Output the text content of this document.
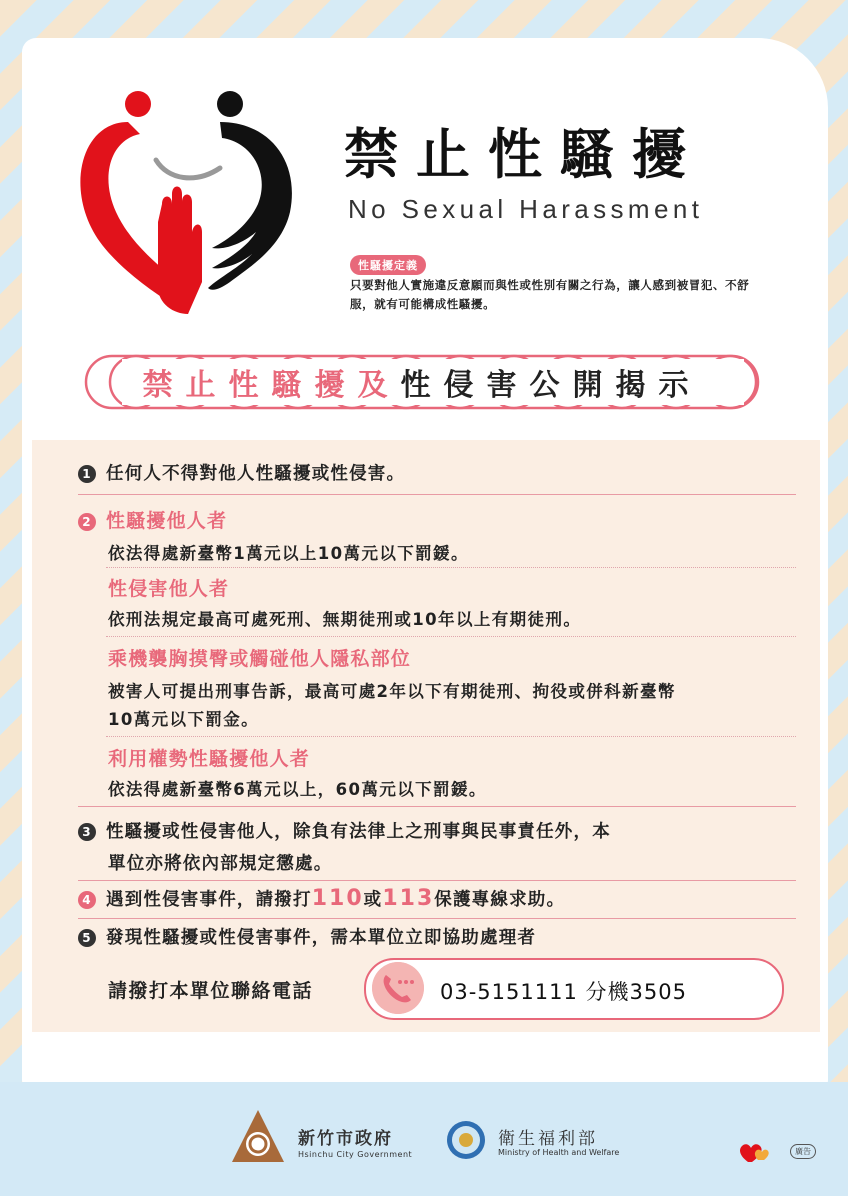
禁止性騷擾
No Sexual Harassment
性騷擾定義
只要對他人實施違反意願而與性或性別有關之行為，讓人感到被冒犯、不舒服，就有可能構成性騷擾。
禁止性騷擾及 性侵害公開揭示
1 任何人不得對他人性騷擾或性侵害。
2 性騷擾他人者
依法得處新臺幣1萬元以上10萬元以下罰鍰。
性侵害他人者
依刑法規定最高可處死刑、無期徒刑或10年以上有期徒刑。
乘機襲胸摸臀或觸碰他人隱私部位
被害人可提出刑事告訴，最高可處2年以下有期徒刑、拘役或併科新臺幣
10萬元以下罰金。
利用權勢性騷擾他人者
依法得處新臺幣6萬元以上，60萬元以下罰鍰。
3 性騷擾或性侵害他人，除負有法律上之刑事與民事責任外，本
單位亦將依內部規定懲處。
4 遇到性侵害事件，請撥打110或113保護專線求助。
5 發現性騷擾或性侵害事件，需本單位立即協助處理者
請撥打本單位聯絡電話	03-5151111 分機3505
新竹市政府
Hsinchu City Government
衛生福利部
Ministry of Health and Welfare	廣告
